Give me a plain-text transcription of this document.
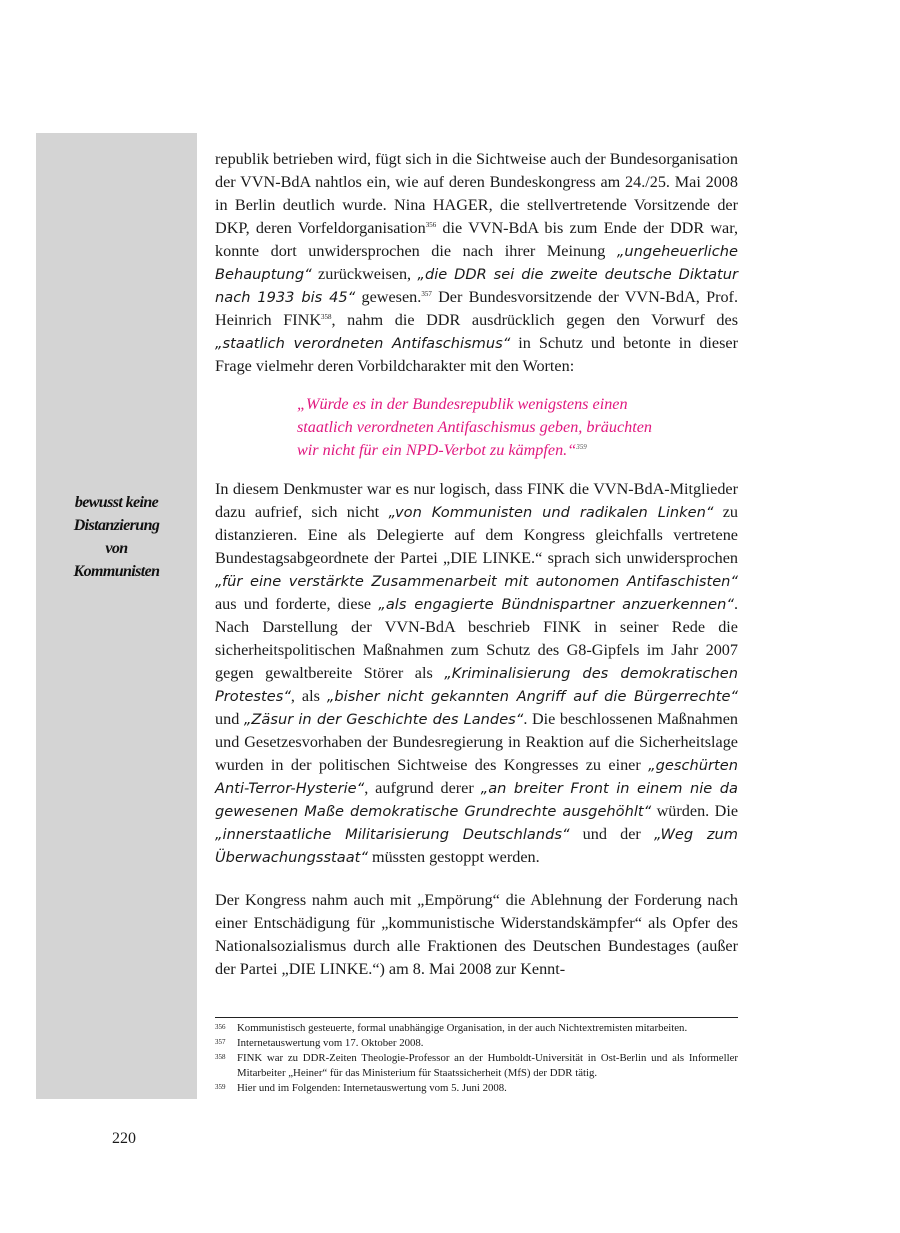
bewusst keine
Distanzierung
von
Kommunisten

republik betrieben wird, fügt sich in die Sichtweise auch der Bundesorganisation der VVN-BdA nahtlos ein, wie auf deren Bundeskongress am 24./25. Mai 2008 in Berlin deutlich wurde. Nina HAGER, die stellvertretende Vorsitzende der DKP, deren Vorfeldorganisation$^{356}$ die VVN-BdA bis zum Ende der DDR war, konnte dort unwidersprochen die nach ihrer Meinung „ungeheuerliche Behauptung“ zurückweisen, „die DDR sei die zweite deutsche Diktatur nach 1933 bis 45“ gewesen.$^{357}$ Der Bundesvorsitzende der VVN-BdA, Prof. Heinrich FINK$^{358}$, nahm die DDR ausdrücklich gegen den Vorwurf des „staatlich verordneten Antifaschismus“ in Schutz und betonte in dieser Frage vielmehr deren Vorbildcharakter mit den Worten:

„Würde es in der Bundesrepublik wenigstens einen staatlich verordneten Antifaschismus geben, bräuchten wir nicht für ein NPD-Verbot zu kämpfen.“$^{359}$

In diesem Denkmuster war es nur logisch, dass FINK die VVN-BdA-Mitglieder dazu aufrief, sich nicht „von Kommunisten und radikalen Linken“ zu distanzieren. Eine als Delegierte auf dem Kongress gleichfalls vertretene Bundestagsabgeordnete der Partei „DIE LINKE.“ sprach sich unwidersprochen „für eine verstärkte Zusammenarbeit mit autonomen Antifaschisten“ aus und forderte, diese „als engagierte Bündnispartner anzuerkennen“. Nach Darstellung der VVN-BdA beschrieb FINK in seiner Rede die sicherheitspolitischen Maßnahmen zum Schutz des G8-Gipfels im Jahr 2007 gegen gewaltbereite Störer als „Kriminalisierung des demokratischen Protestes“, als „bisher nicht gekannten Angriff auf die Bürgerrechte“ und „Zäsur in der Geschichte des Landes“. Die beschlossenen Maßnahmen und Gesetzesvorhaben der Bundesregierung in Reaktion auf die Sicherheitslage wurden in der politischen Sichtweise des Kongresses zu einer „geschürten Anti-Terror-Hysterie“, aufgrund derer „an breiter Front in einem nie da gewesenen Maße demokratische Grundrechte ausgehöhlt“ würden. Die „innerstaatliche Militarisierung Deutschlands“ und der „Weg zum Überwachungsstaat“ müssten gestoppt werden.

Der Kongress nahm auch mit „Empörung“ die Ablehnung der Forderung nach einer Entschädigung für „kommunistische Widerstandskämpfer“ als Opfer des Nationalsozialismus durch alle Fraktionen des Deutschen Bundestages (außer der Partei „DIE LINKE.“) am 8. Mai 2008 zur Kennt-

356	Kommunistisch gesteuerte, formal unabhängige Organisation, in der auch Nichtextremisten mitarbeiten.
357	Internetauswertung vom 17. Oktober 2008.
358	FINK war zu DDR-Zeiten Theologie-Professor an der Humboldt-Universität in Ost-Berlin und als Informeller Mitarbeiter „Heiner“ für das Ministerium für Staatssicherheit (MfS) der DDR tätig.
359	Hier und im Folgenden: Internetauswertung vom 5. Juni 2008.
220
